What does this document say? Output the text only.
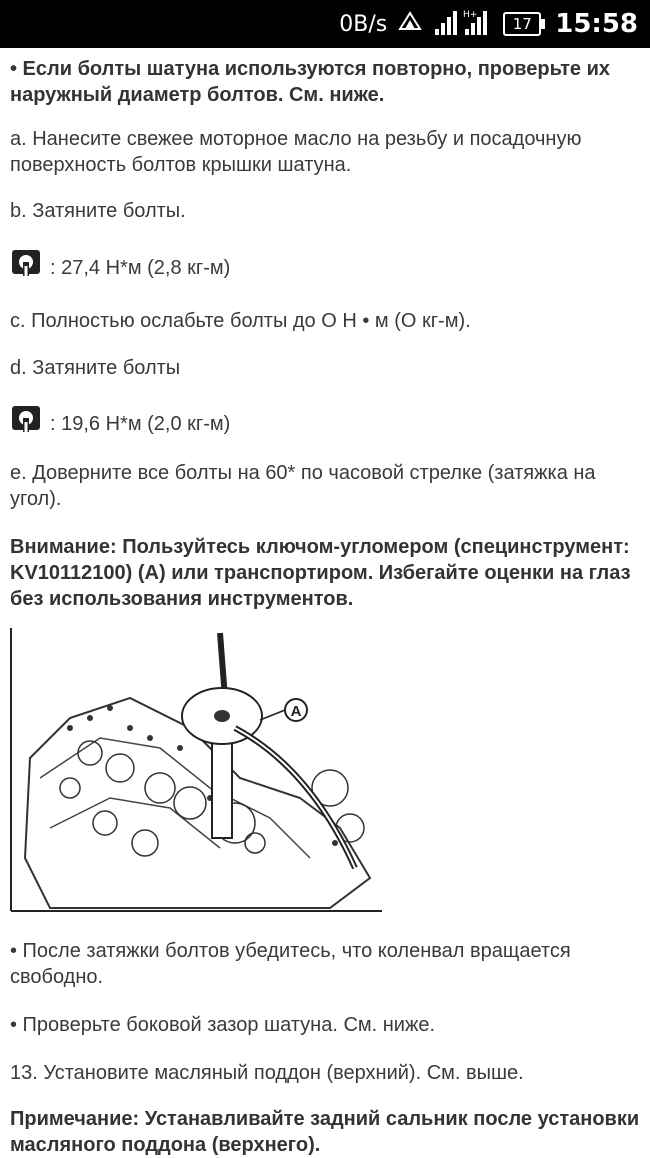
0B/s	H+	17 15:58

• Если болты шатуна используются повторно, проверьте их наружный диаметр болтов. См. ниже.

a. Нанесите свежее моторное масло на резьбу и посадочную поверхность болтов крышки шатуна.

b. Затяните болты.

: 27,4 Н*м (2,8 кг-м)

c. Полностью ослабьте болты до О Н • м (О кг-м).

d. Затяните болты

: 19,6 Н*м (2,0 кг-м)

e. Доверните все болты на 60* по часовой стрелке (затяжка на угол).

Внимание: Пользуйтесь ключом-угломером (специнструмент: KV10112100) (А) или транспортиром. Избегайте оценки на глаз без использования инструментов.

A

• После затяжки болтов убедитесь, что коленвал вращается свободно.

• Проверьте боковой зазор шатуна. См. ниже.

13. Установите масляный поддон (верхний). См. выше.

Примечание: Устанавливайте задний сальник после установки масляного поддона (верхнего).
